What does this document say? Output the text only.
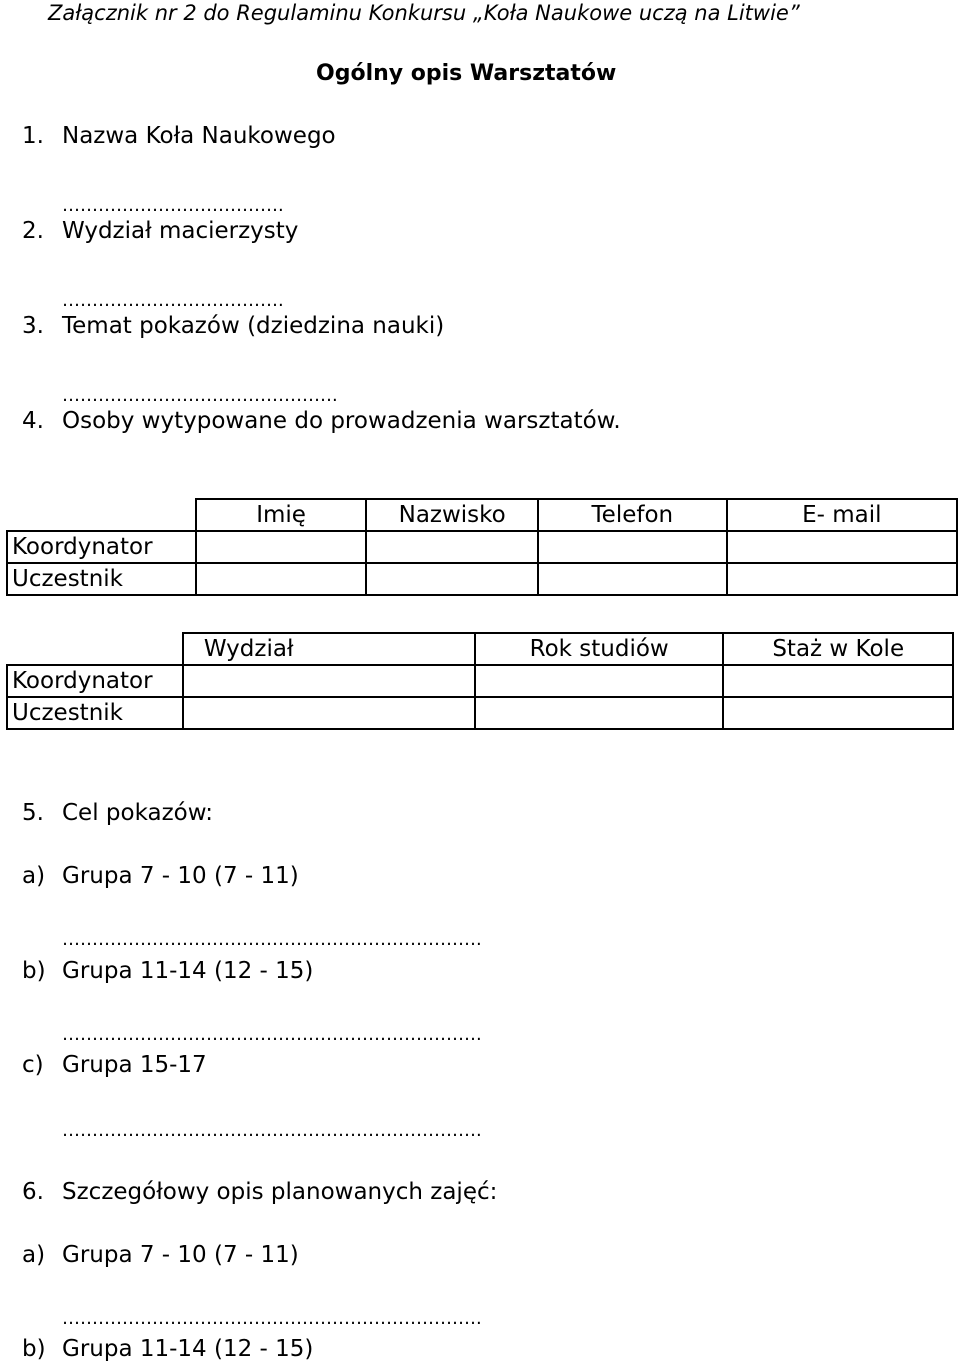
Załącznik nr 2 do Regulaminu Konkursu „Koła Naukowe uczą na Litwie”
Ogólny opis Warsztatów
1. Nazwa Koła Naukowego
……………………………….
2. Wydział macierzysty
……………………………….
3. Temat pokazów (dziedzina nauki)
……………………………………….
4. Osoby wytypowane do prowadzenia warsztatów.
	Imię	Nazwisko	Telefon	E- mail
Koordynator				
Uczestnik				
	Wydział	Rok studiów	Staż w Kole
Koordynator			
Uczestnik			
5. Cel pokazów:
a) Grupa 7 - 10 (7 - 11)
…………………………………………………………….
b) Grupa 11-14 (12 - 15)
…………………………………………………………….
c) Grupa 15-17
…………………………………………………………….
6. Szczegółowy opis planowanych zajęć:
a) Grupa 7 - 10 (7 - 11)
…………………………………………………………….
b) Grupa 11-14 (12 - 15)
